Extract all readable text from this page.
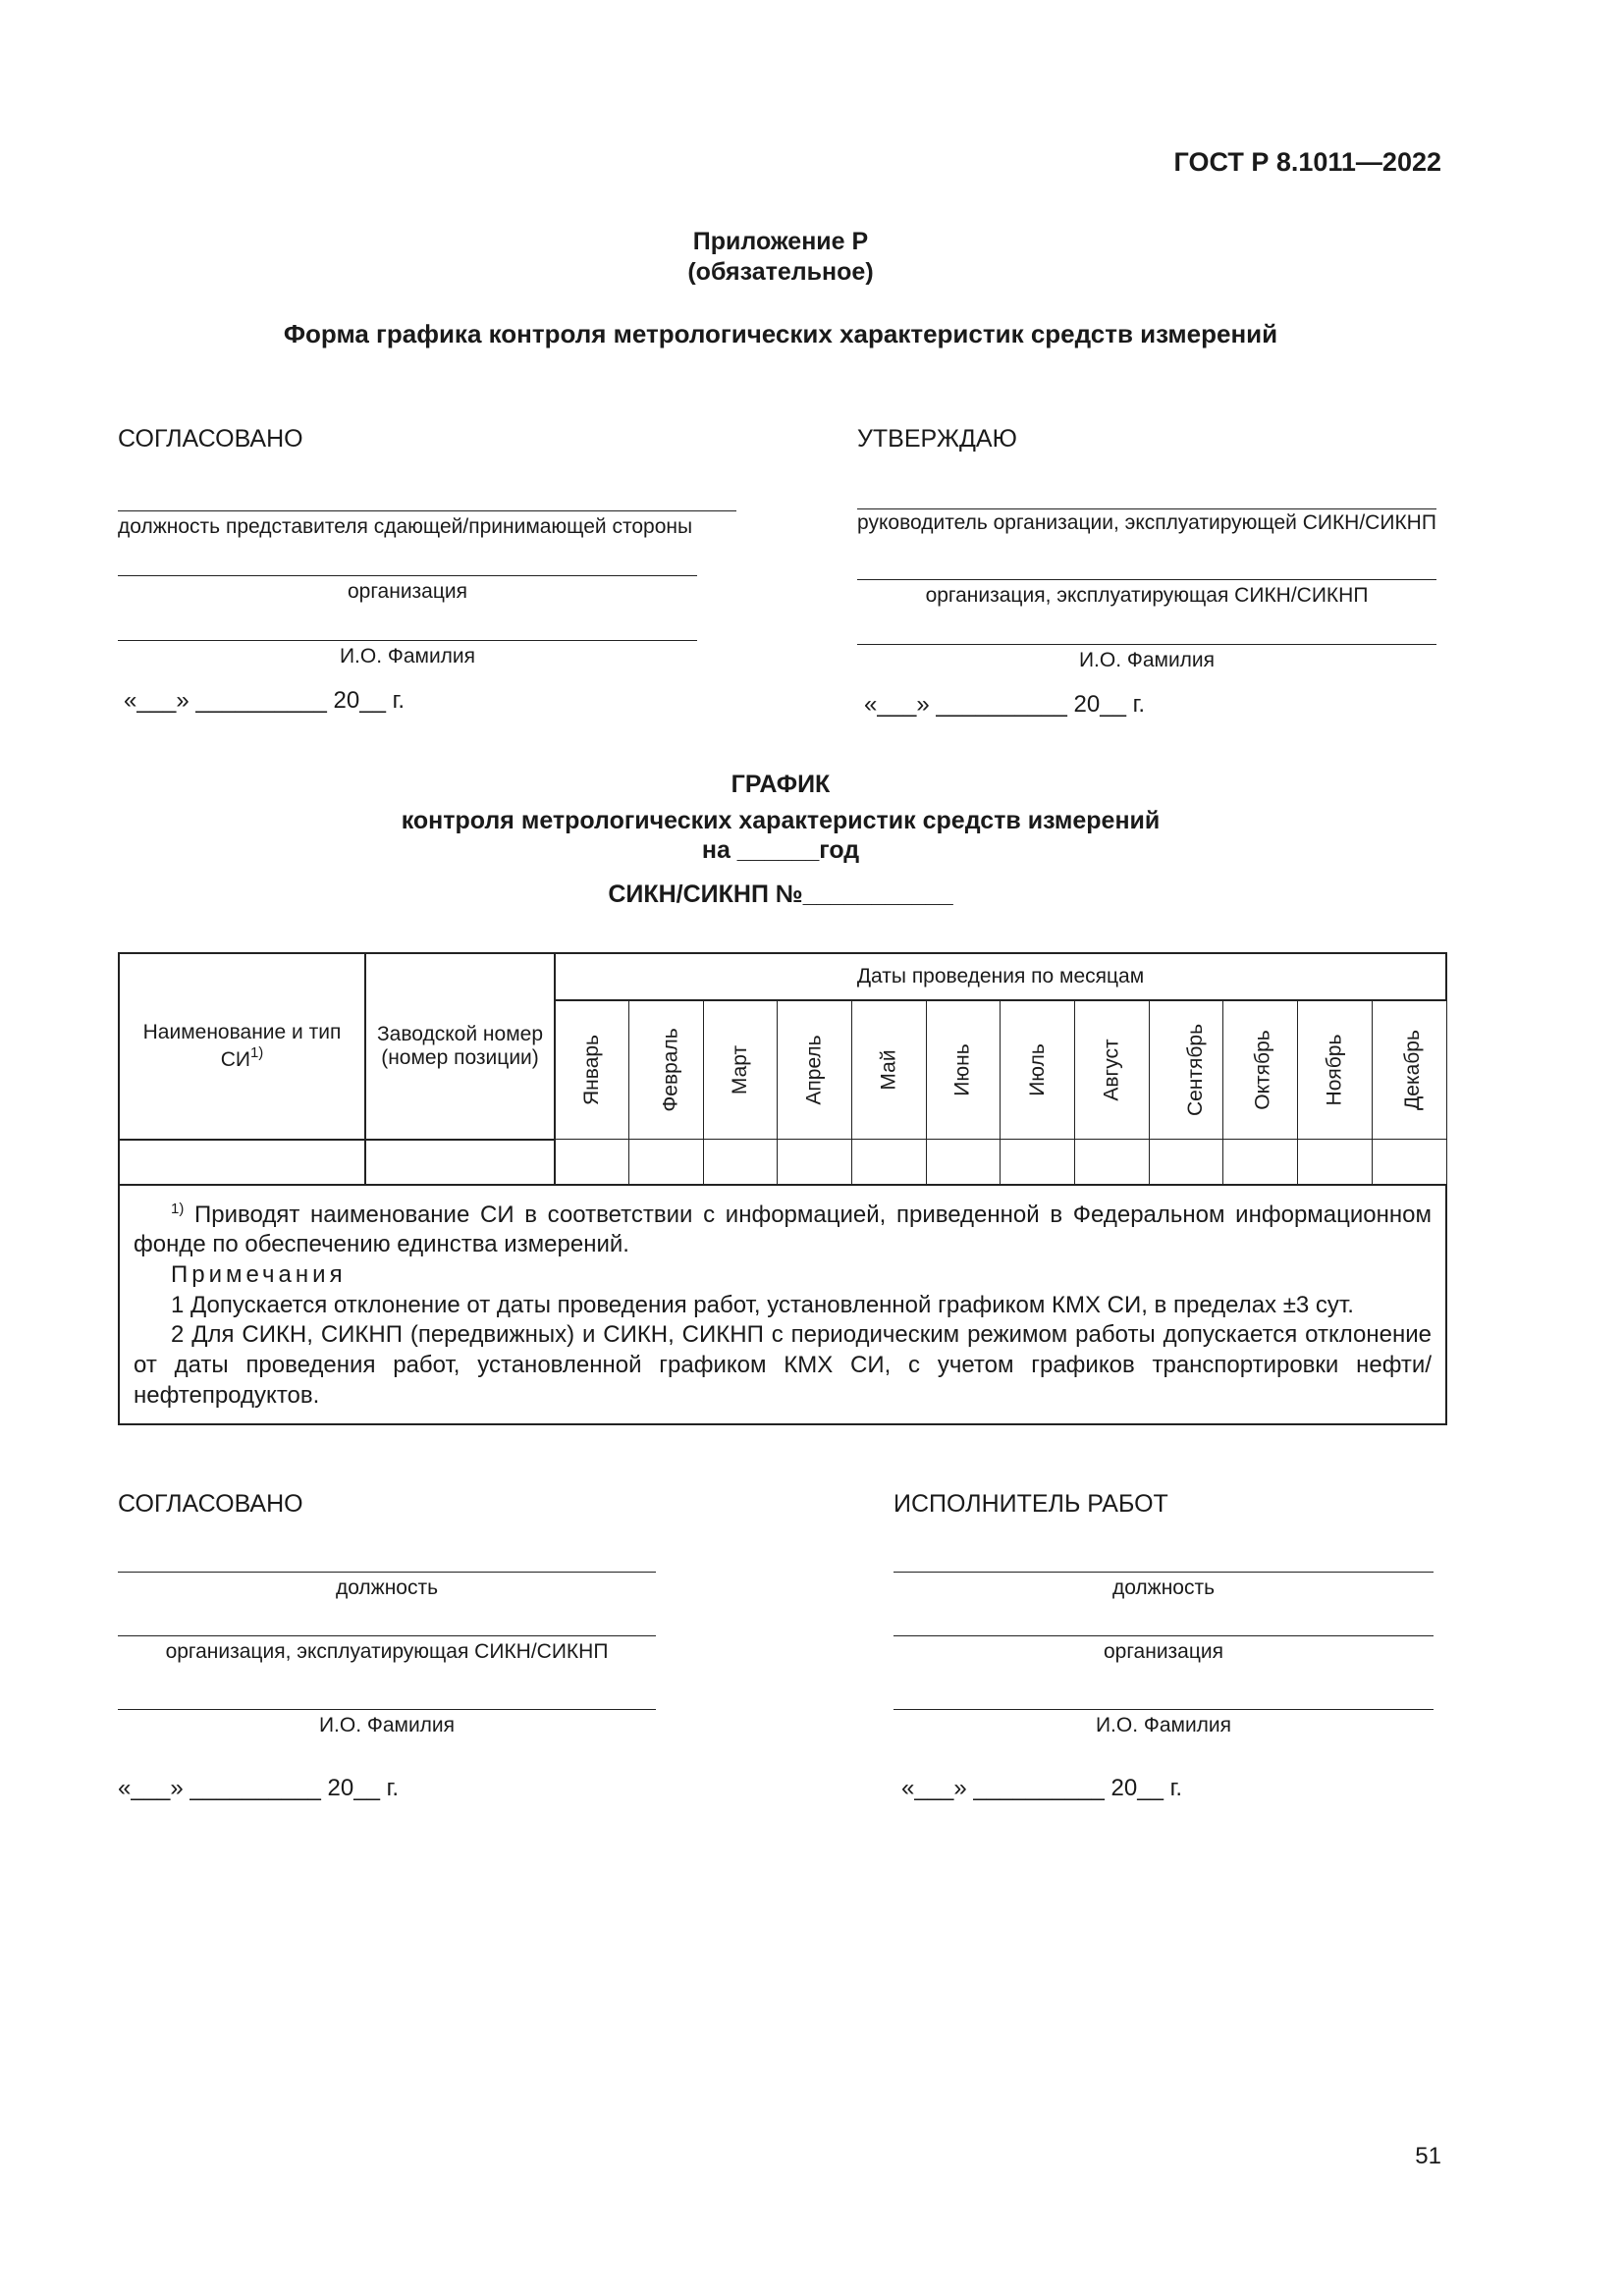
ГОСТ Р 8.1011—2022
Приложение Р
(обязательное)
Форма графика контроля метрологических характеристик средств измерений
СОГЛАСОВАНО
должность представителя сдающей/принимающей стороны
организация
И.О. Фамилия
«___» __________ 20__ г.
УТВЕРЖДАЮ
руководитель организации, эксплуатирующей СИКН/СИКНП
организация, эксплуатирующая СИКН/СИКНП
И.О. Фамилия
«___» __________ 20__ г.
ГРАФИК
контроля метрологических характеристик средств измерений
на ______год
СИКН/СИКНП №___________
Наименование и тип СИ$^{1)}$	Заводской номер (номер позиции)	Даты проведения по месяцам											
		Январь	Февраль	Март	Апрель	Май	Июнь	Июль	Август	Сентябрь	Октябрь	Ноябрь	Декабрь

$^{1)}$ Приводят наименование СИ в соответствии с информацией, приведенной в Федеральном информационном фонде по обеспечению единства измерений.

Примечания

1 Допускается отклонение от даты проведения работ, установленной графиком КМХ СИ, в пределах ±3 сут.

2 Для СИКН, СИКНП (передвижных) и СИКН, СИКНП с периодическим режимом работы допускается отклонение от даты проведения работ, установленной графиком КМХ СИ, с учетом графиков транспортировки нефти/нефтепродуктов.													

СОГЛАСОВАНО
должность
организация, эксплуатирующая СИКН/СИКНП
И.О. Фамилия
«___» __________ 20__ г.
ИСПОЛНИТЕЛЬ РАБОТ
должность
организация
И.О. Фамилия
«___» __________ 20__ г.
51
